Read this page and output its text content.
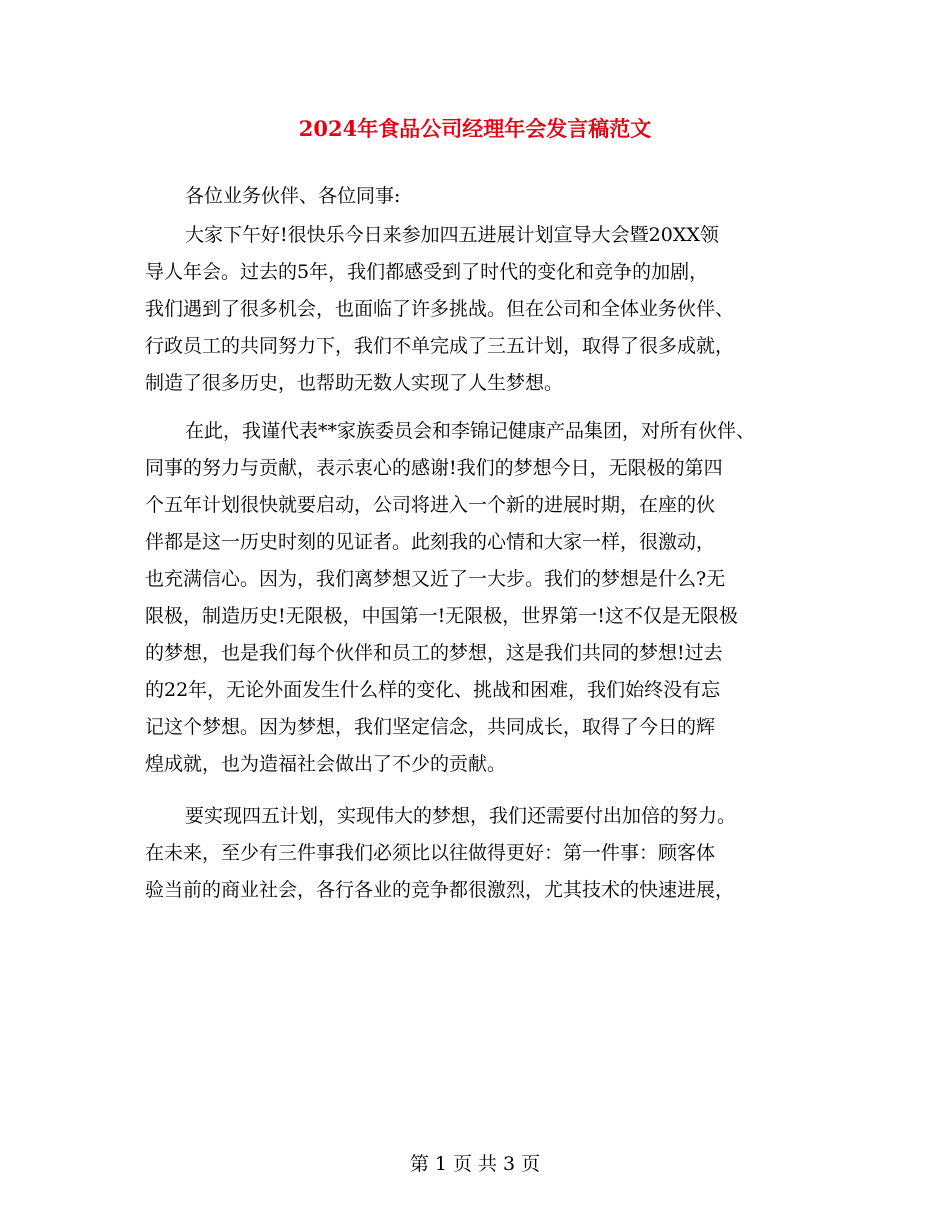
2024年食品公司经理年会发言稿范文
各位业务伙伴、各位同事:
大家下午好!很快乐今日来参加四五进展计划宣导大会暨20XX领
导人年会。过去的5年，我们都感受到了时代的变化和竞争的加剧，
我们遇到了很多机会，也面临了许多挑战。但在公司和全体业务伙伴、
行政员工的共同努力下，我们不单完成了三五计划，取得了很多成就，
制造了很多历史，也帮助无数人实现了人生梦想。
在此，我谨代表**家族委员会和李锦记健康产品集团，对所有伙伴、
同事的努力与贡献，表示衷心的感谢!我们的梦想今日，无限极的第四
个五年计划很快就要启动，公司将进入一个新的进展时期，在座的伙
伴都是这一历史时刻的见证者。此刻我的心情和大家一样，很激动，
也充满信心。因为，我们离梦想又近了一大步。我们的梦想是什么?无
限极，制造历史!无限极，中国第一!无限极，世界第一!这不仅是无限极
的梦想，也是我们每个伙伴和员工的梦想，这是我们共同的梦想!过去
的22年，无论外面发生什么样的变化、挑战和困难，我们始终没有忘
记这个梦想。因为梦想，我们坚定信念，共同成长，取得了今日的辉
煌成就，也为造福社会做出了不少的贡献。
要实现四五计划，实现伟大的梦想，我们还需要付出加倍的努力。
在未来，至少有三件事我们必须比以往做得更好：第一件事：顾客体
验当前的商业社会，各行各业的竞争都很激烈，尤其技术的快速进展，
第 1 页 共 3 页
